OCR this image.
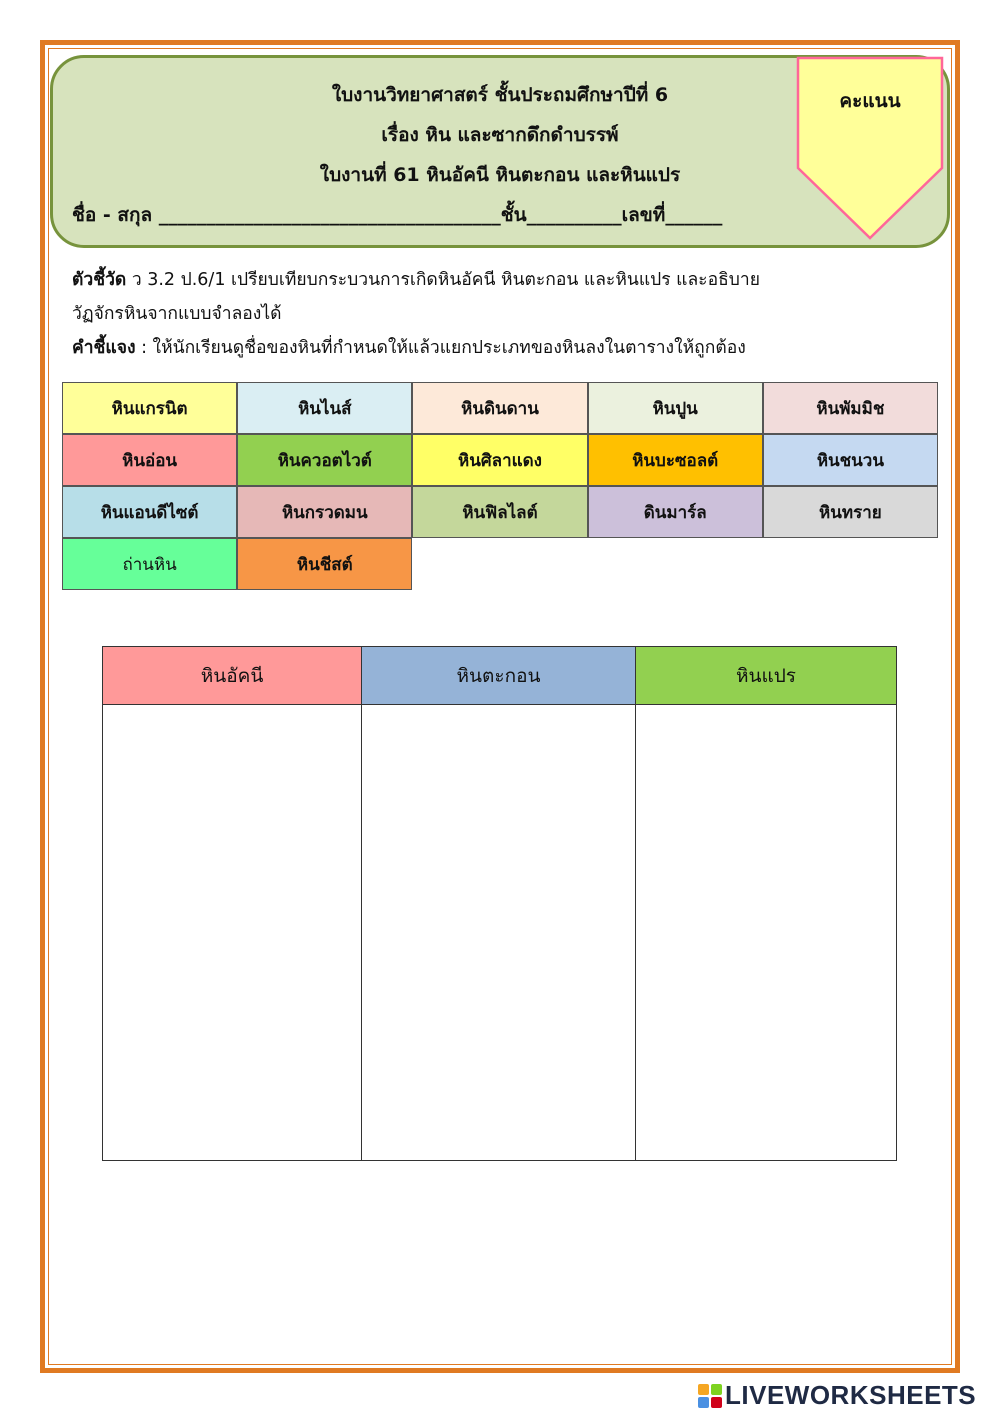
ใบงานวิทยาศาสตร์ ชั้นประถมศึกษาปีที่ 6
เรื่อง หิน และซากดึกดำบรรพ์
ใบงานที่ 61 หินอัคนี หินตะกอน และหินแปร
ชื่อ - สกุล ____________________________________ชั้น__________เลขที่______
คะแนน
ตัวชี้วัด ว 3.2 ป.6/1 เปรียบเทียบกระบวนการเกิดหินอัคนี หินตะกอน และหินแปร และอธิบาย
วัฏจักรหินจากแบบจำลองได้
คำชี้แจง : ให้นักเรียนดูชื่อของหินที่กำหนดให้แล้วแยกประเภทของหินลงในตารางให้ถูกต้อง
หินแกรนิต	หินไนส์	หินดินดาน	หินปูน	หินพัมมิช
หินอ่อน	หินควอตไวต์	หินศิลาแดง	หินบะซอลต์	หินชนวน
หินแอนดีไซต์	หินกรวดมน	หินฟิลไลต์	ดินมาร์ล	หินทราย
ถ่านหิน	หินชีสต์
หินอัคนี	หินตะกอน	หินแปร
LIVEWORKSHEETS
